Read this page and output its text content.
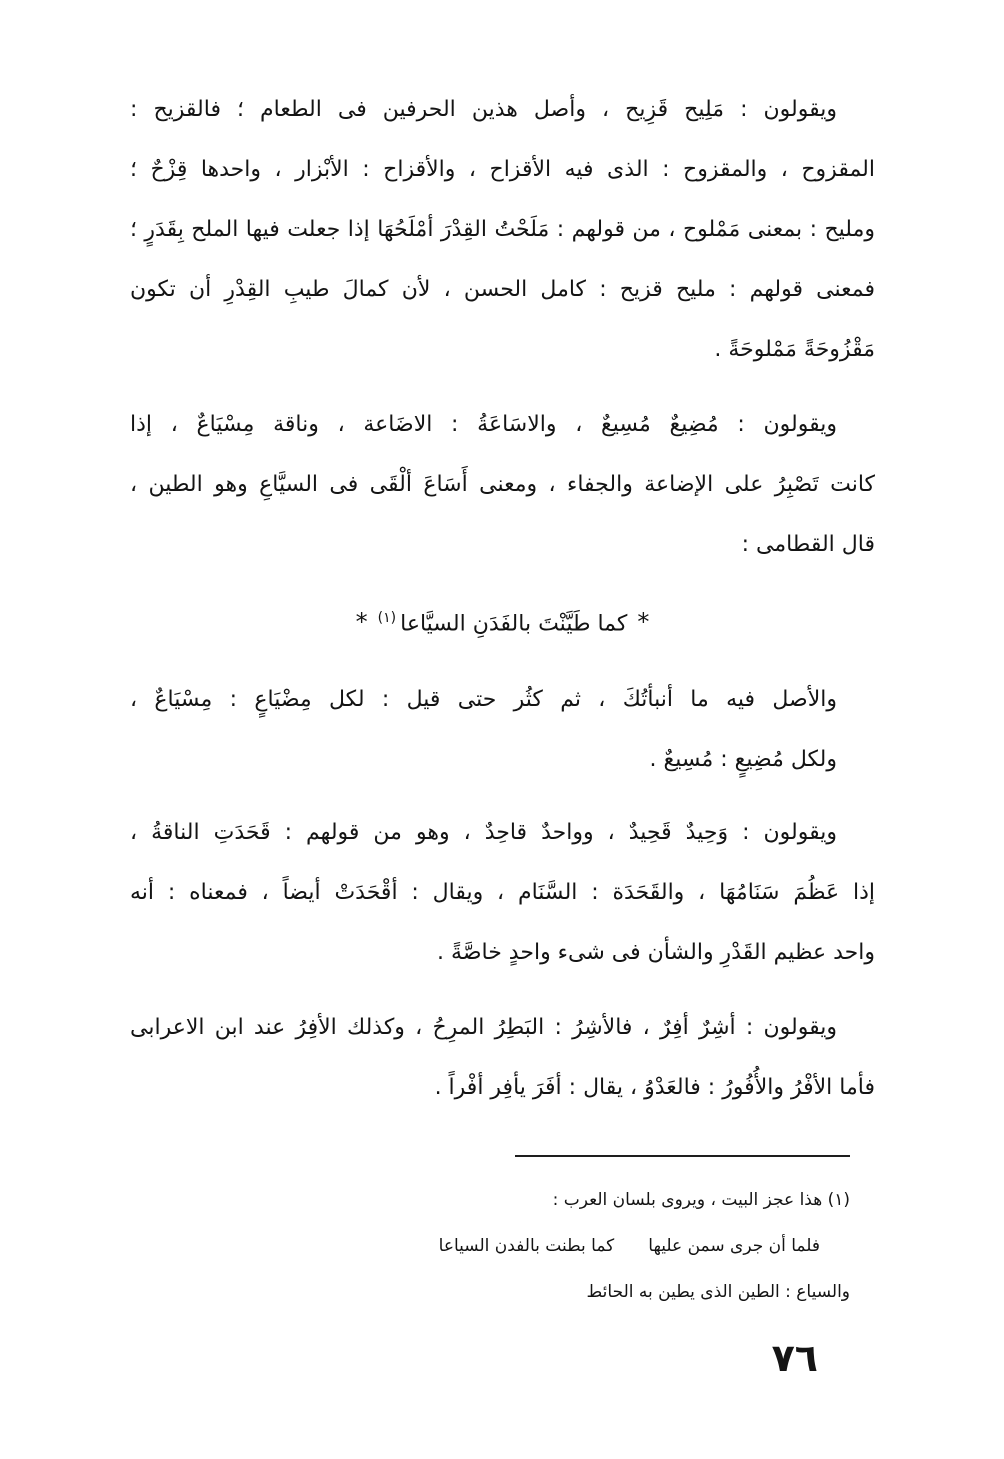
ويقولون : مَلِيح قَزِيح ، وأصل هذين الحرفين فى الطعام ؛ فالقزيح :
المقزوح ، والمقزوح : الذى فيه الأقزاح ، والأقزاح : الأبْزار ، واحدها قِزْحٌ ؛
ومليح : بمعنى مَمْلوح ، من قولهم : مَلَحْتُ القِدْرَ أمْلَحُهَا إذا جعلت فيها الملح بِقَدَرٍ ؛
فمعنى قولهم : مليح قزيح : كامل الحسن ، لأن كمالَ طيبِ القِدْرِ أن تكون
مَقْزُوحَةً مَمْلوحَةً .
ويقولون : مُضِيعٌ مُسِيعٌ ، والاسَاعَةُ : الاضَاعة ، وناقة مِسْيَاعٌ ، إذا
كانت تَصْبِرُ على الإضاعة والجفاء ، ومعنى أَسَاعَ ألْقَى فى السيَّاعِ وهو الطين ،
قال القطامى :
*كما طَيَّنْتَ بالفَدَنِ السيَّاعا$^{(١)}$*
والأصل فيه ما أنبأتُكَ ، ثم كثُر حتى قيل : لكل مِضْيَاعٍ : مِسْيَاعٌ ،
ولكل مُضِيعٍ : مُسِيعٌ .
ويقولون : وَحِيدٌ قَحِيدٌ ، وواحدٌ قاحِدٌ ، وهو من قولهم : قَحَدَتِ الناقةُ ،
إذا عَظُمَ سَنَامُهَا ، والقَحَدَة : السَّنَام ، ويقال : أقْحَدَتْ أيضاً ، فمعناه : أنه
واحد عظيم القَدْرِ والشأن فى شىء واحدٍ خاصَّةً .
ويقولون : أشِرٌ أفِرٌ ، فالأشِرُ : البَطِرُ المرِحُ ، وكذلك الأفِرُ عند ابن الاعرابى
فأما الأفْرُ والأُفُورُ : فالعَدْوُ ، يقال : أفَرَ يأفِر أفْراً .
(١) هذا عجز البيت ، ويروى بلسان العرب :
فلما أن جرى سمن عليهاكما بطنت بالفدن السياعا
والسياع : الطين الذى يطين به الحائط
٧٦
